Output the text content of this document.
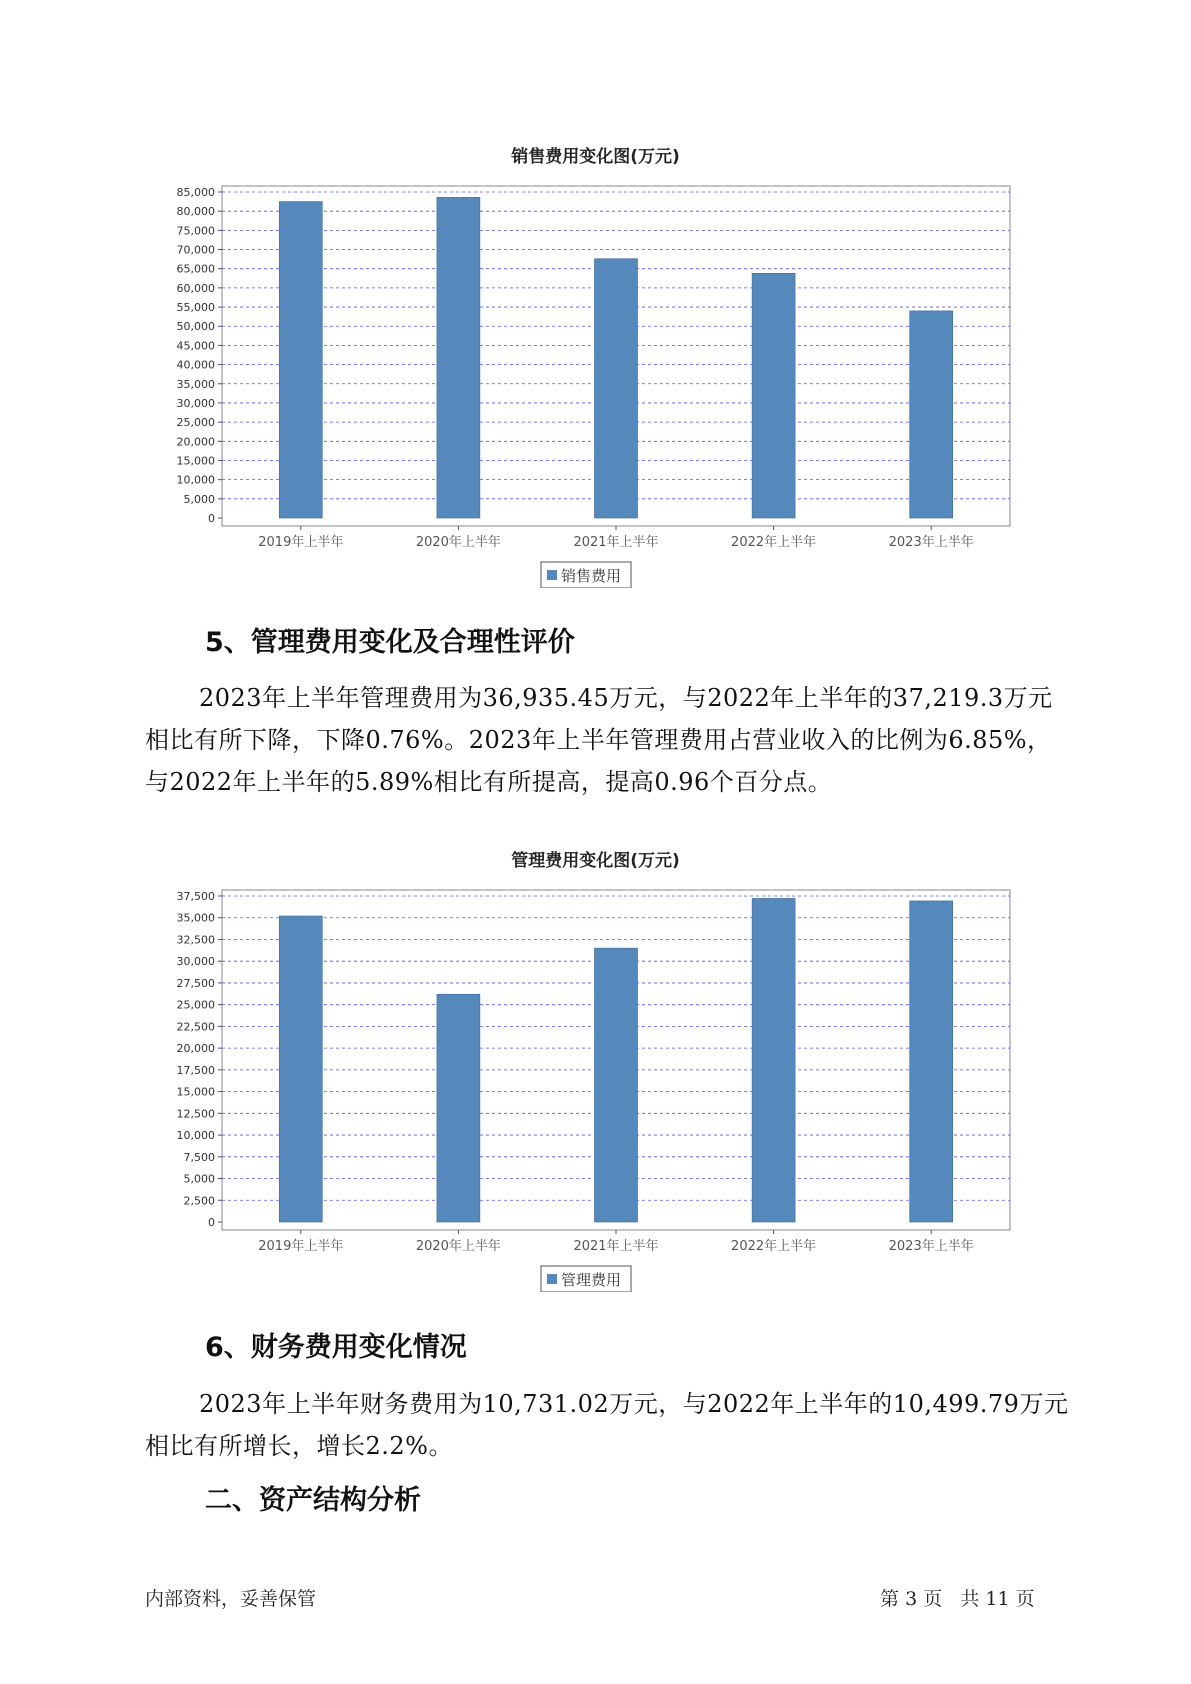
销售费用变化图(万元)
0
5,000
10,000
15,000
20,000
25,000
30,000
35,000
40,000
45,000
50,000
55,000
60,000
65,000
70,000
75,000
80,000
85,000
2019年上半年	2020年上半年	2021年上半年	2022年上半年	2023年上半年
销售费用
5、管理费用变化及合理性评价

2023年上半年管理费用为36,935.45万元，与2022年上半年的37,219.3万元相比有所下降，下降0.76%。2023年上半年管理费用占营业收入的比例为6.85%，与2022年上半年的5.89%相比有所提高，提高0.96个百分点。

管理费用变化图(万元)
0
2,500
5,000
7,500
10,000
12,500
15,000
17,500
20,000
22,500
25,000
27,500
30,000
32,500
35,000
37,500
2019年上半年	2020年上半年	2021年上半年	2022年上半年	2023年上半年
管理费用
6、财务费用变化情况

2023年上半年财务费用为10,731.02万元，与2022年上半年的10,499.79万元相比有所增长，增长2.2%。

二、资产结构分析
内部资料，妥善保管	第 3 页 共 11 页
